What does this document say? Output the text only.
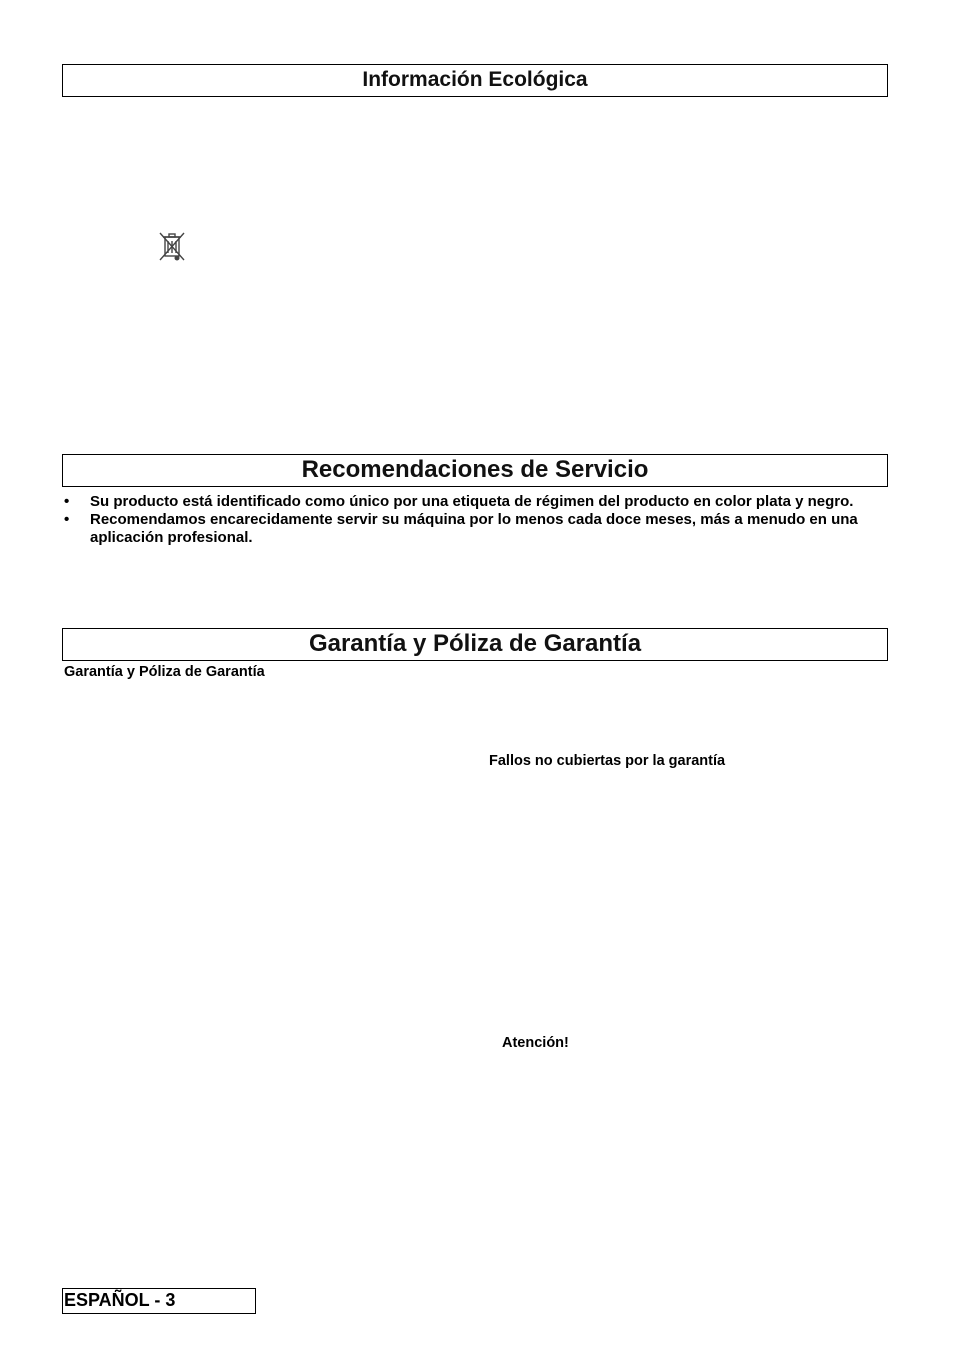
Información Ecológica
Recomendaciones de Servicio
• Su producto está identificado como único por una etiqueta de régimen del producto en color plata y negro.
• Recomendamos encarecidamente servir su máquina por lo menos cada doce meses, más a menudo en una aplicación profesional.
Garantía y Póliza de Garantía
Garantía y Póliza de Garantía
Fallos no cubiertas por la garantía
Atención!
ESPAÑOL - 3
